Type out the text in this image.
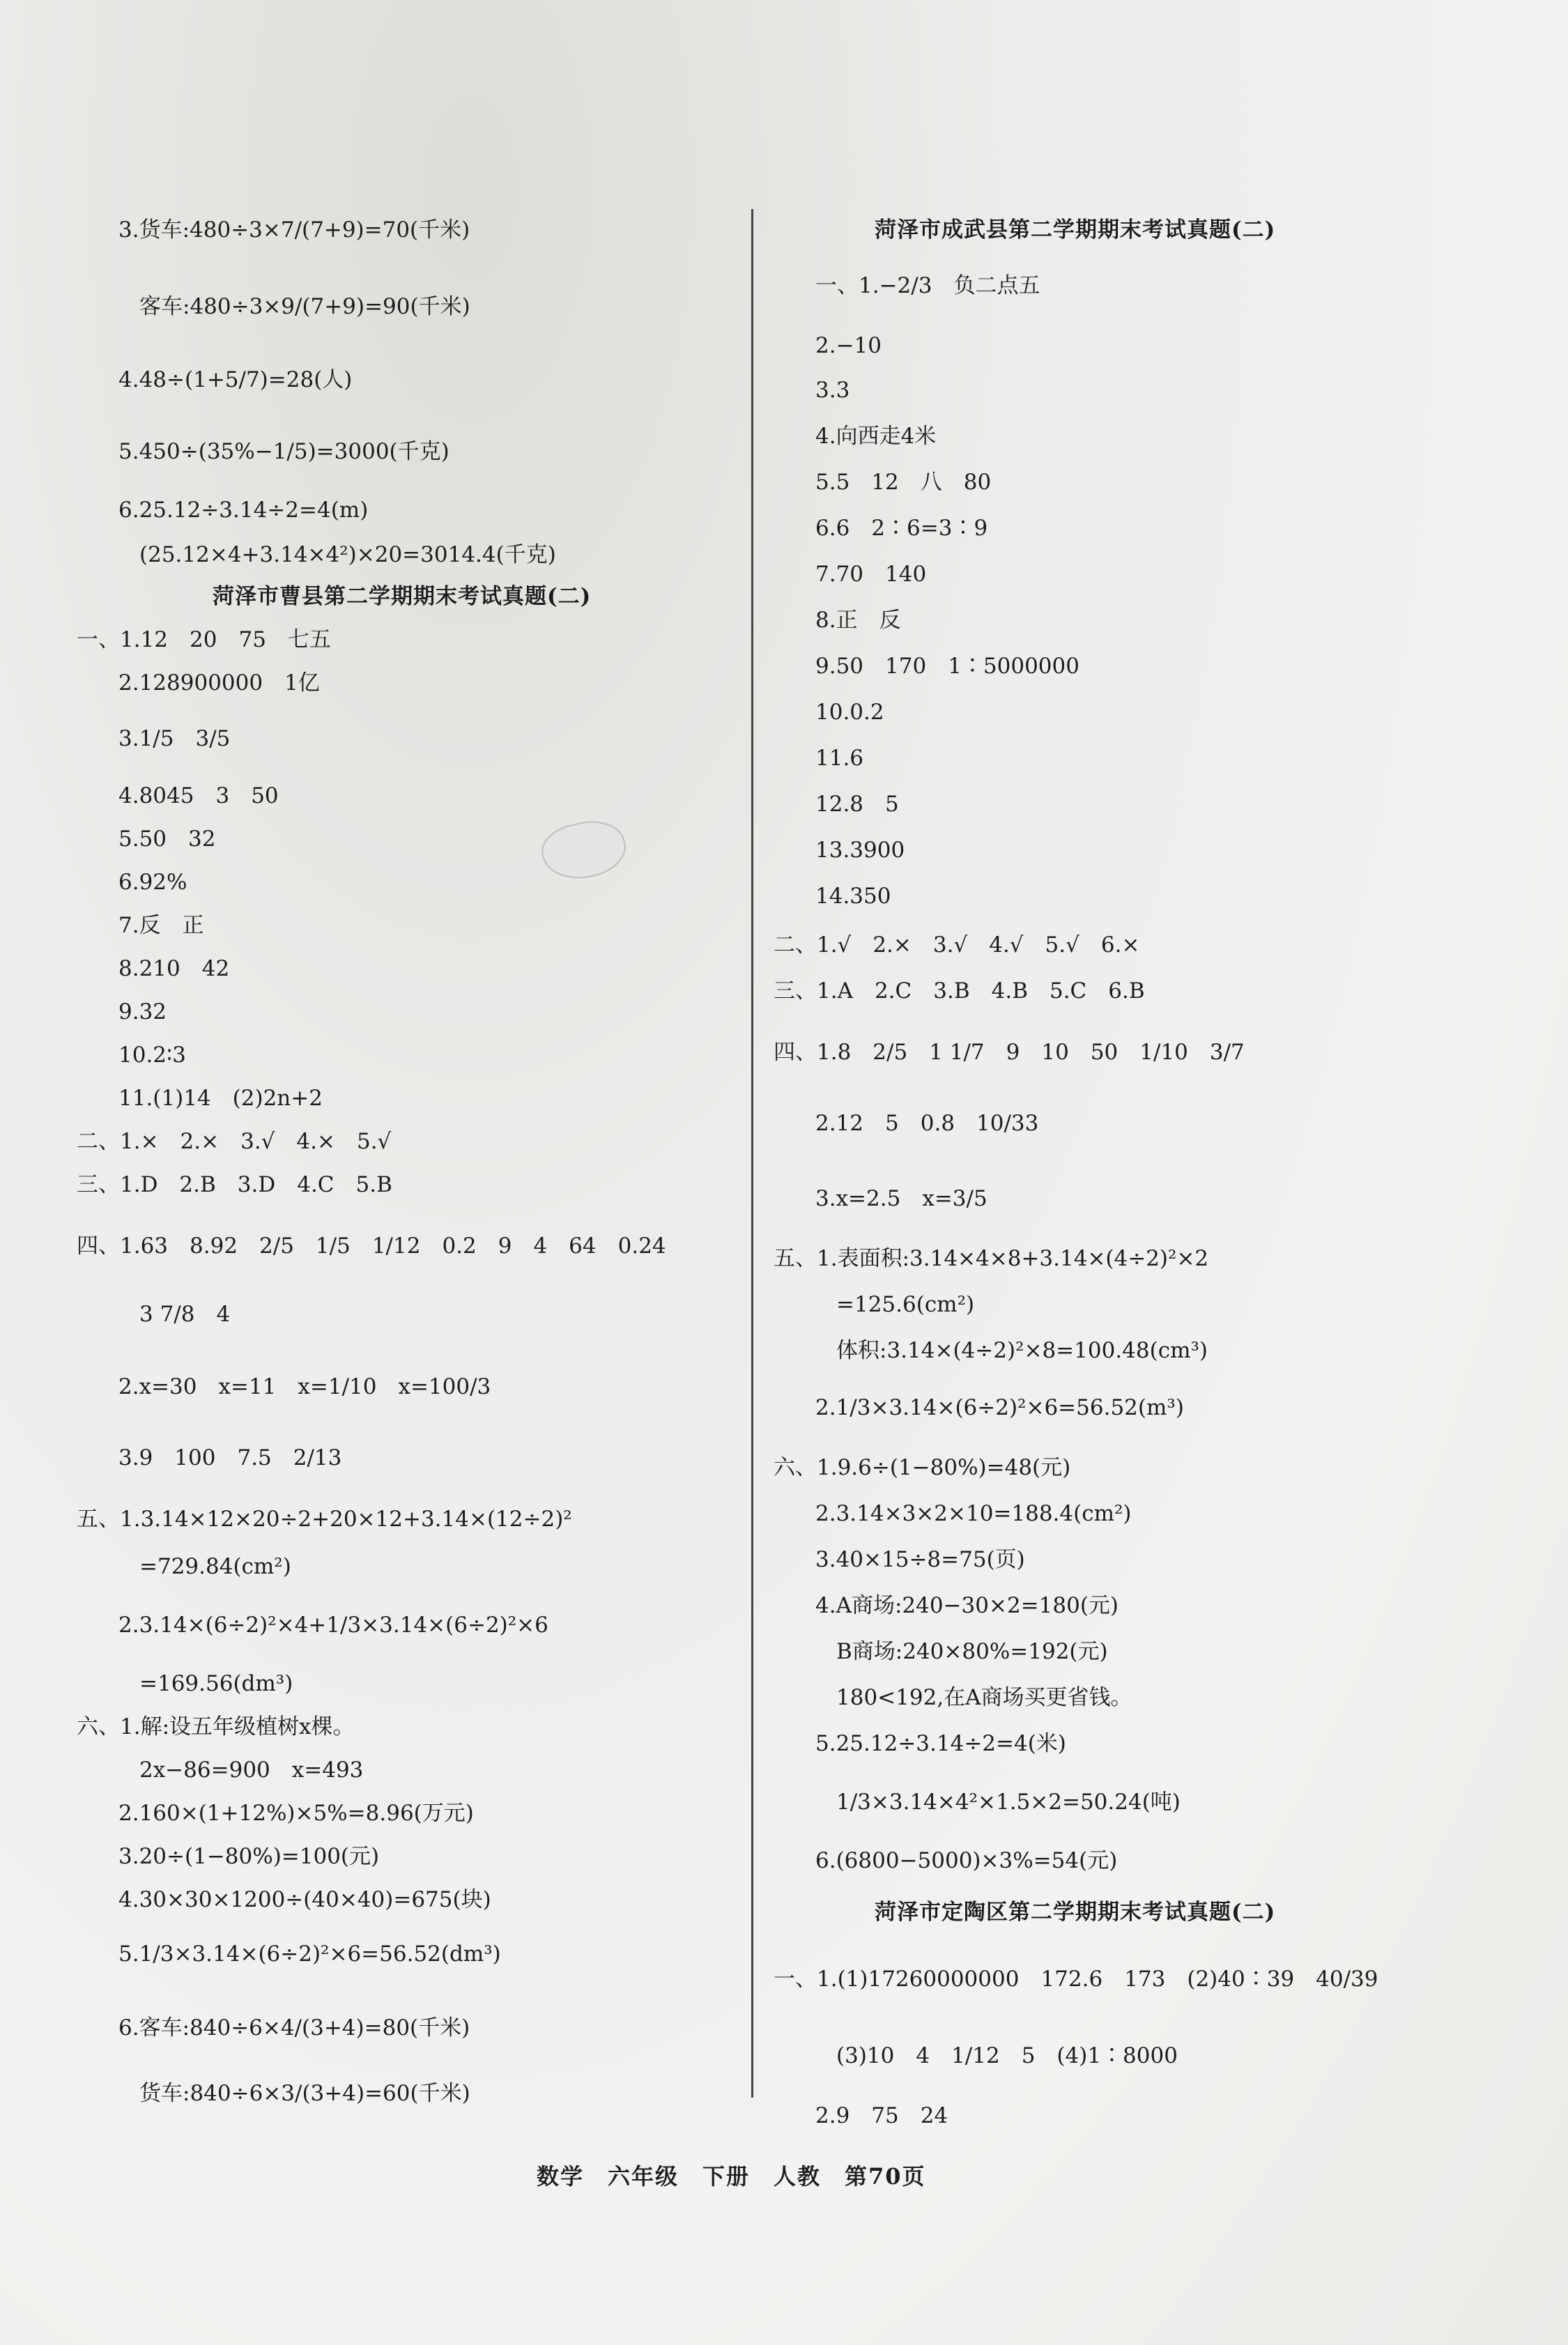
3.货车:480÷3×7/(7+9)=70(千米)
客车:480÷3×9/(7+9)=90(千米)
4.48÷(1+5/7)=28(人)
5.450÷(35%−1/5)=3000(千克)
6.25.12÷3.14÷2=4(m)
(25.12×4+3.14×4²)×20=3014.4(千克)
菏泽市曹县第二学期期末考试真题(二)
一、1.12　20　75　七五
2.128900000　1亿
3.1/5　3/5
4.8045　3　50
5.50　32
6.92%
7.反　正
8.210　42
9.32
10.2∶3
11.(1)14　(2)2n+2
二、1.×　2.×　3.√　4.×　5.√
三、1.D　2.B　3.D　4.C　5.B
四、1.63　8.92　2/5　1/5　1/12　0.2　9　4　64　0.24
3 7/8　4
2.x=30　x=11　x=1/10　x=100/3
3.9　100　7.5　2/13
五、1.3.14×12×20÷2+20×12+3.14×(12÷2)²
=729.84(cm²)
2.3.14×(6÷2)²×4+1/3×3.14×(6÷2)²×6
=169.56(dm³)
六、1.解:设五年级植树x棵。
2x−86=900　x=493
2.160×(1+12%)×5%=8.96(万元)
3.20÷(1−80%)=100(元)
4.30×30×1200÷(40×40)=675(块)
5.1/3×3.14×(6÷2)²×6=56.52(dm³)
6.客车:840÷6×4/(3+4)=80(千米)
货车:840÷6×3/(3+4)=60(千米)
菏泽市成武县第二学期期末考试真题(二)
一、1.−2/3　负二点五
2.−10
3.3
4.向西走4米
5.5　12　八　80
6.6　2∶6=3∶9
7.70　140
8.正　反
9.50　170　1∶5000000
10.0.2
11.6
12.8　5
13.3900
14.350
二、1.√　2.×　3.√　4.√　5.√　6.×
三、1.A　2.C　3.B　4.B　5.C　6.B
四、1.8　2/5　1 1/7　9　10　50　1/10　3/7
2.12　5　0.8　10/33
3.x=2.5　x=3/5
五、1.表面积:3.14×4×8+3.14×(4÷2)²×2
=125.6(cm²)
体积:3.14×(4÷2)²×8=100.48(cm³)
2.1/3×3.14×(6÷2)²×6=56.52(m³)
六、1.9.6÷(1−80%)=48(元)
2.3.14×3×2×10=188.4(cm²)
3.40×15÷8=75(页)
4.A商场:240−30×2=180(元)
B商场:240×80%=192(元)
180<192,在A商场买更省钱。
5.25.12÷3.14÷2=4(米)
1/3×3.14×4²×1.5×2=50.24(吨)
6.(6800−5000)×3%=54(元)
菏泽市定陶区第二学期期末考试真题(二)
一、1.(1)17260000000　172.6　173　(2)40∶39　40/39
(3)10　4　1/12　5　(4)1∶8000
2.9　75　24
数学　六年级　下册　人教　第70页
